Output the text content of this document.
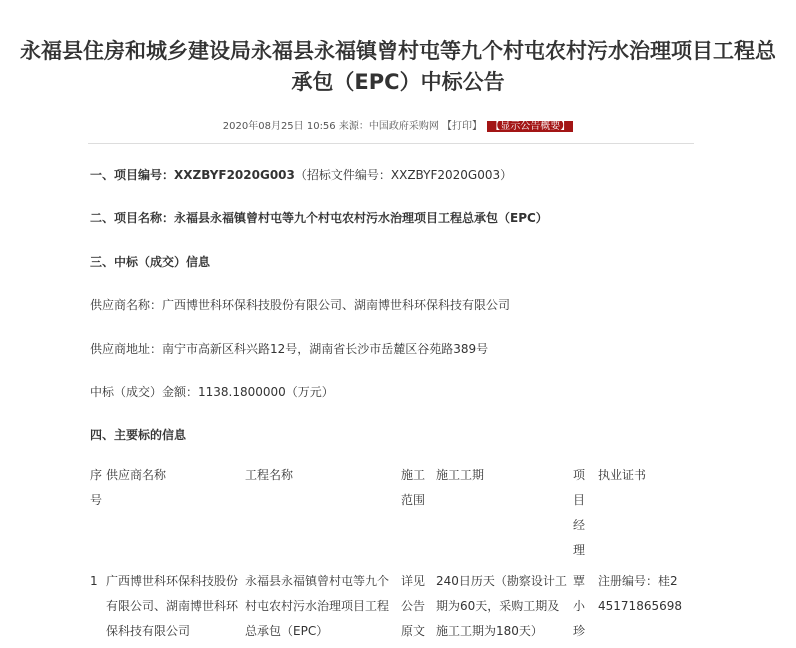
永福县住房和城乡建设局永福县永福镇曾村屯等九个村屯农村污水治理项目工程总
承包（EPC）中标公告
2020年08月25日 10:56 来源：中国政府采购网 【打印】 【显示公告概要】
一、项目编号：XXZBYF2020G003（招标文件编号：XXZBYF2020G003）
二、项目名称：永福县永福镇曾村屯等九个村屯农村污水治理项目工程总承包（EPC）
三、中标（成交）信息
供应商名称：广西博世科环保科技股份有限公司、湖南博世科环保科技有限公司
供应商地址：南宁市高新区科兴路12号，湖南省长沙市岳麓区谷苑路389号
中标（成交）金额：1138.1800000（万元）
四、主要标的信息
序号	供应商名称	工程名称	施工范围	施工工期	项目经理	执业证书
1	广西博世科环保科技股份有限公司、湖南博世科环保科技有限公司	永福县永福镇曾村屯等九个村屯农村污水治理项目工程总承包（EPC）	详见公告原文	240日历天（勘察设计工期为60天，采购工期及施工工期为180天）	覃小珍	注册编号：桂245171865698
